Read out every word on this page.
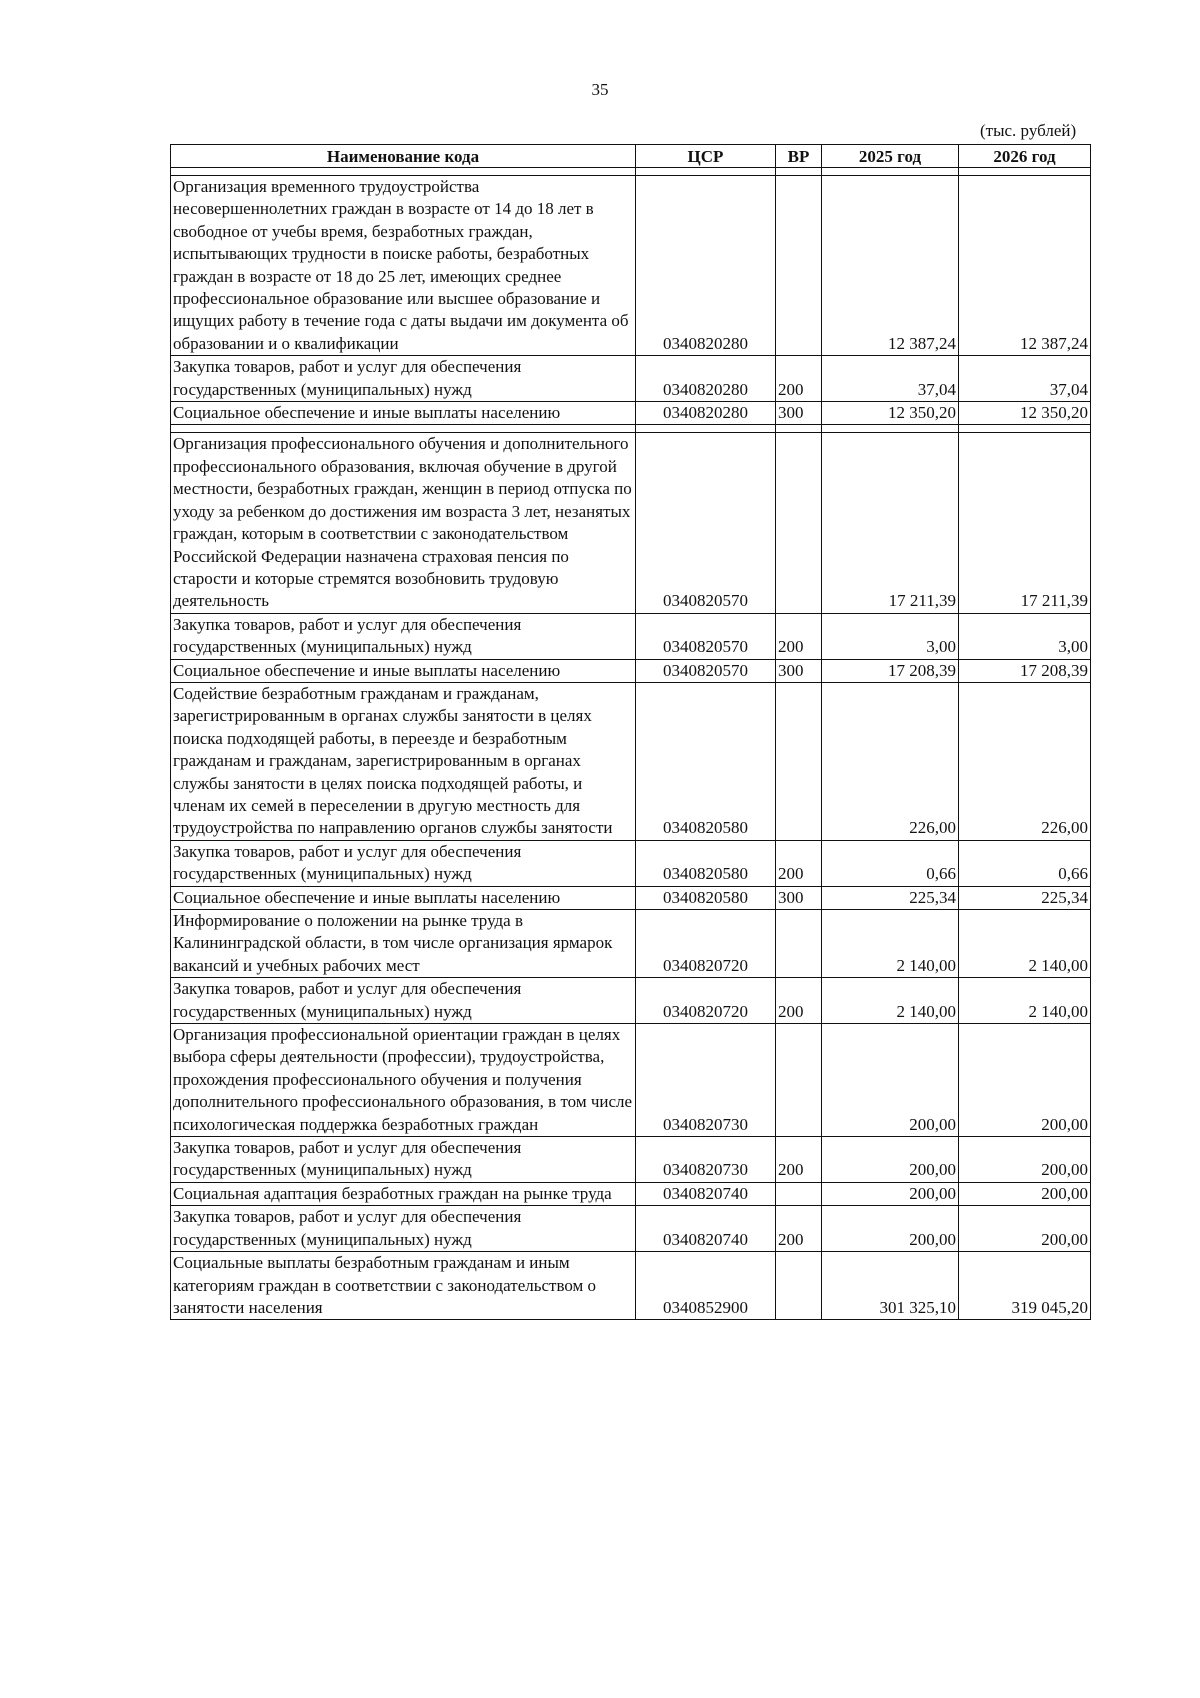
35
(тыс. рублей)
Наименование кода	ЦСР	ВР	2025 год	2026 год

Организация временного трудоустройства несовершеннолетних граждан в возрасте от 14 до 18 лет в свободное от учебы время, безработных граждан, испытывающих трудности в поиске работы, безработных граждан в возрасте от 18 до 25 лет, имеющих среднее профессиональное образование или высшее образование и ищущих работу в течение года с даты выдачи им документа об образовании и о квалификации	0340820280		12 387,24	12 387,24
Закупка товаров, работ и услуг для обеспечения государственных (муниципальных) нужд	0340820280	200	37,04	37,04
Социальное обеспечение и иные выплаты населению	0340820280	300	12 350,20	12 350,20

Организация профессионального обучения и дополнительного профессионального образования, включая обучение в другой местности, безработных граждан, женщин в период отпуска по уходу за ребенком до достижения им возраста 3 лет, незанятых граждан, которым в соответствии с законодательством Российской Федерации назначена страховая пенсия по старости и которые стремятся возобновить трудовую деятельность	0340820570		17 211,39	17 211,39
Закупка товаров, работ и услуг для обеспечения государственных (муниципальных) нужд	0340820570	200	3,00	3,00
Социальное обеспечение и иные выплаты населению	0340820570	300	17 208,39	17 208,39
Содействие безработным гражданам и гражданам, зарегистрированным в органах службы занятости в целях поиска подходящей работы, в переезде и безработным гражданам и гражданам, зарегистрированным в органах службы занятости в целях поиска подходящей работы, и членам их семей в переселении в другую местность для трудоустройства по направлению органов службы занятости	0340820580		226,00	226,00
Закупка товаров, работ и услуг для обеспечения государственных (муниципальных) нужд	0340820580	200	0,66	0,66
Социальное обеспечение и иные выплаты населению	0340820580	300	225,34	225,34
Информирование о положении на рынке труда в Калининградской области, в том числе организация ярмарок вакансий и учебных рабочих мест	0340820720		2 140,00	2 140,00
Закупка товаров, работ и услуг для обеспечения государственных (муниципальных) нужд	0340820720	200	2 140,00	2 140,00
Организация профессиональной ориентации граждан в целях выбора сферы деятельности (профессии), трудоустройства, прохождения профессионального обучения и получения дополнительного профессионального образования, в том числе психологическая поддержка безработных граждан	0340820730		200,00	200,00
Закупка товаров, работ и услуг для обеспечения государственных (муниципальных) нужд	0340820730	200	200,00	200,00
Социальная адаптация безработных граждан на рынке труда	0340820740		200,00	200,00
Закупка товаров, работ и услуг для обеспечения государственных (муниципальных) нужд	0340820740	200	200,00	200,00
Социальные выплаты безработным гражданам и иным категориям граждан в соответствии с законодательством о занятости населения	0340852900		301 325,10	319 045,20
